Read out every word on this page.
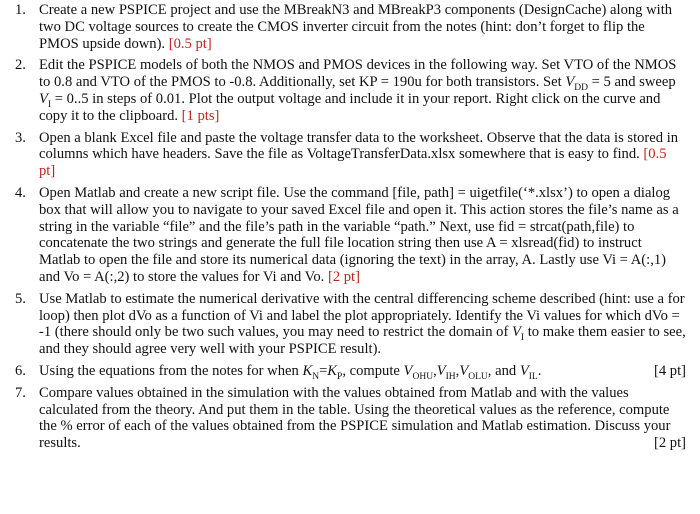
1. Create a new PSPICE project and use the MBreakN3 and MBreakP3 components (DesignCache) along with two DC voltage sources to create the CMOS inverter circuit from the notes (hint: don’t forget to flip the PMOS upside down). [0.5 pt]
2. Edit the PSPICE models of both the NMOS and PMOS devices in the following way. Set VTO of the NMOS to 0.8 and VTO of the PMOS to -0.8. Additionally, set KP = 190u for both transistors. Set $V_{DD} = 5$ and sweep $V_I = 0..5$ in steps of 0.01. Plot the output voltage and include it in your report. Right click on the curve and copy it to the clipboard. [1 pts]
3. Open a blank Excel file and paste the voltage transfer data to the worksheet. Observe that the data is stored in columns which have headers. Save the file as VoltageTransferData.xlsx somewhere that is easy to find. [0.5 pt]
4. Open Matlab and create a new script file. Use the command [file, path] = uigetfile(‘*.xlsx’) to open a dialog box that will allow you to navigate to your saved Excel file and open it. This action stores the file’s name as a string in the variable “file” and the file’s path in the variable “path.” Next, use fid = strcat(path,file) to concatenate the two strings and generate the full file location string then use A = xlsread(fid) to instruct Matlab to open the file and store its numerical data (ignoring the text) in the array, A. Lastly use Vi = A(:,1) and Vo = A(:,2) to store the values for Vi and Vo. [2 pt]
5. Use Matlab to estimate the numerical derivative with the central differencing scheme described (hint: use a for loop) then plot dVo as a function of Vi and label the plot appropriately. Identify the Vi values for which dVo = -1 (there should only be two such values, you may need to restrict the domain of $V_I$ to make them easier to see, and they should agree very well with your PSPICE result).
6.	[4 pt]
Using the equations from the notes for when $K_N=K_P$, compute $V_{OHU},V_{IH},V_{OLU}$, and $V_{IL}$.
7. Compare values obtained in the simulation with the values obtained from Matlab and with the values calculated from the theory. And put them in the table. Using the theoretical values as the reference, compute the % error of each of the values obtained from the PSPICE simulation and Matlab estimation. Discuss your results.	[2 pt]
